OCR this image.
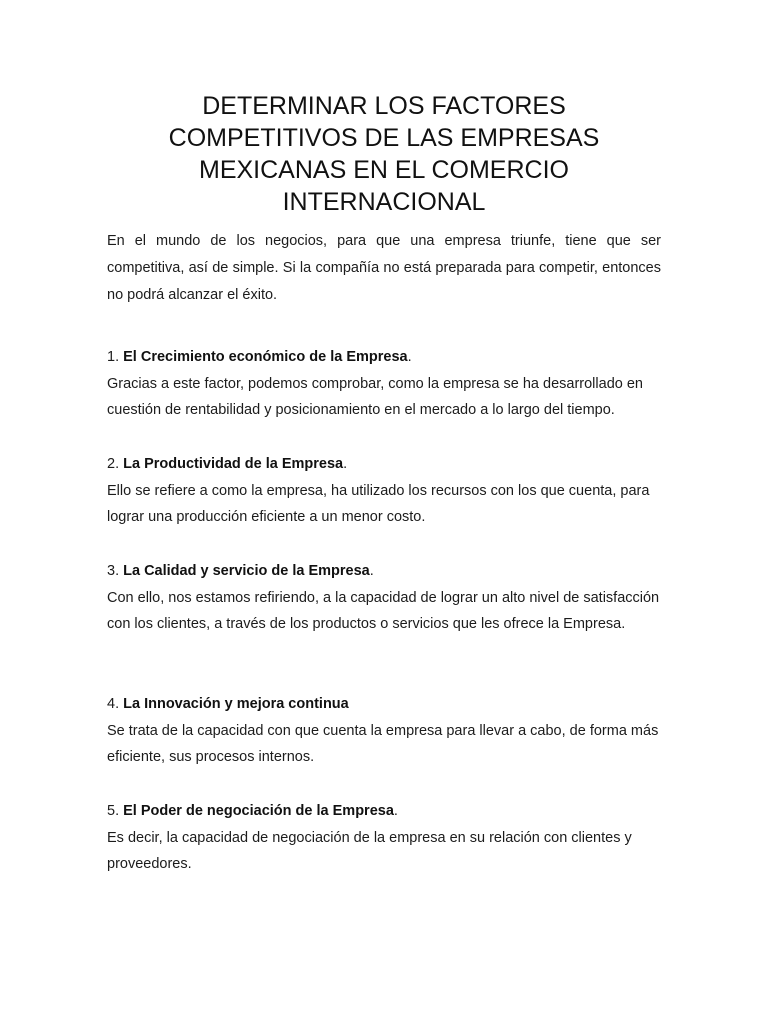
DETERMINAR LOS FACTORES COMPETITIVOS DE LAS EMPRESAS MEXICANAS EN EL COMERCIO INTERNACIONAL

En el mundo de los negocios, para que una empresa triunfe, tiene que ser competitiva, así de simple. Si la compañía no está preparada para competir, entonces no podrá alcanzar el éxito.

1. El Crecimiento económico de la Empresa.
Gracias a este factor, podemos comprobar, como la empresa se ha desarrollado en cuestión de rentabilidad y posicionamiento en el mercado a lo largo del tiempo.
2. La Productividad de la Empresa.
Ello se refiere a como la empresa, ha utilizado los recursos con los que cuenta, para lograr una producción eficiente a un menor costo.
3. La Calidad y servicio de la Empresa.
Con ello, nos estamos refiriendo, a la capacidad de lograr un alto nivel de satisfacción con los clientes, a través de los productos o servicios que les ofrece la Empresa.
4. La Innovación y mejora continua
Se trata de la capacidad con que cuenta la empresa para llevar a cabo, de forma más eficiente, sus procesos internos.
5. El Poder de negociación de la Empresa.
Es decir, la capacidad de negociación de la empresa en su relación con clientes y proveedores.
